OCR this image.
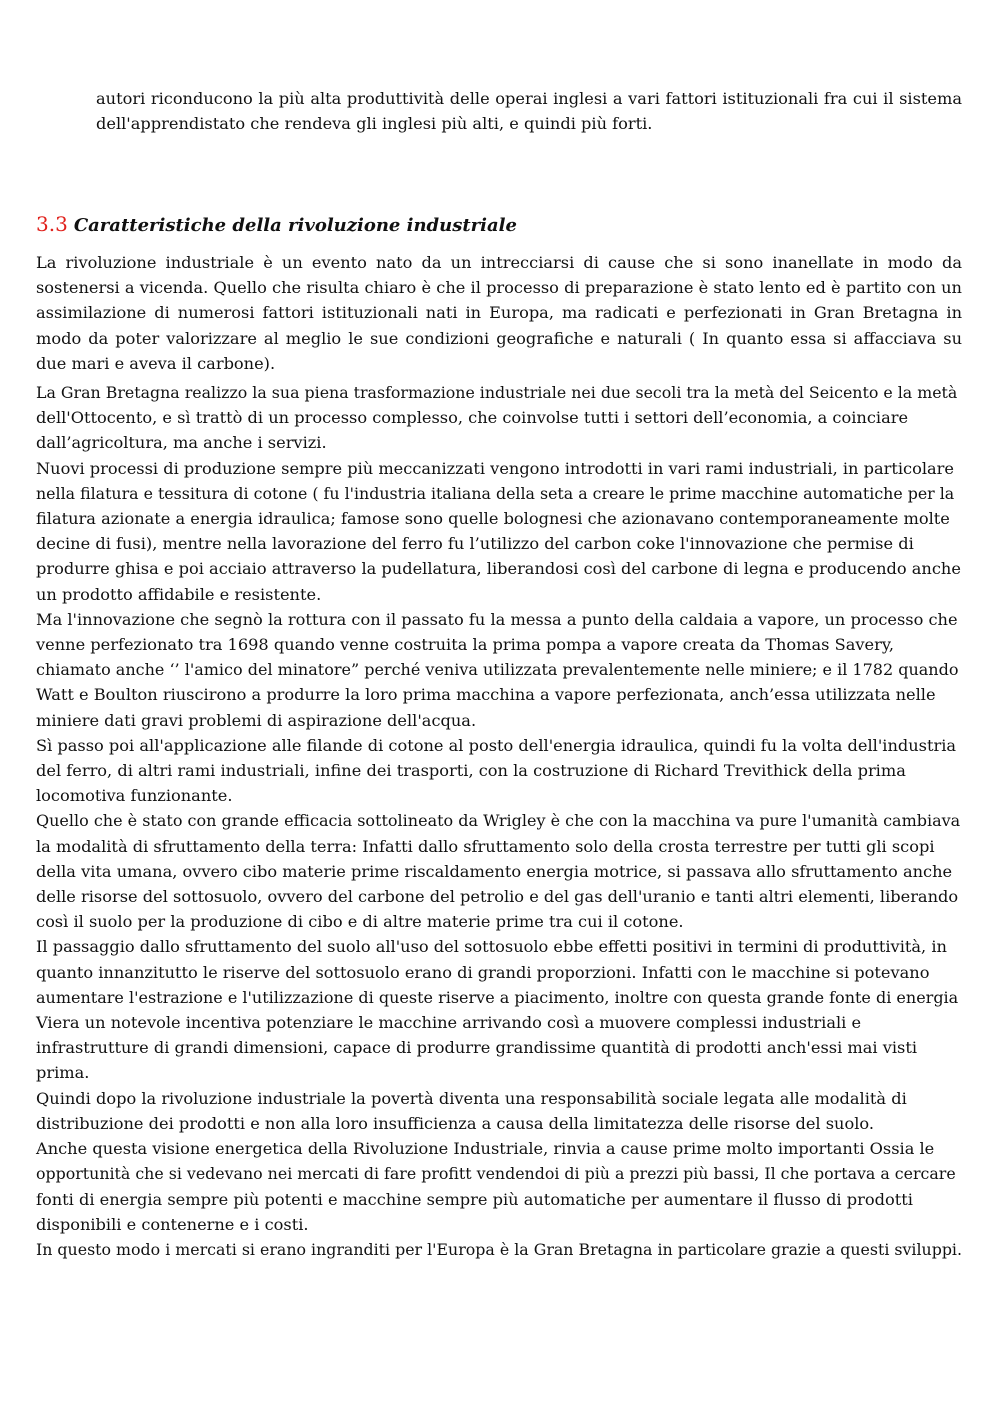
autori riconducono la più alta produttività delle operai inglesi a vari fattori istituzionali fra cui il sistema dell'apprendistato che rendeva gli inglesi più alti, e quindi più forti.

3.3 Caratteristiche della rivoluzione industriale

La rivoluzione industriale è un evento nato da un intrecciarsi di cause che si sono inanellate in modo da sostenersi a vicenda. Quello che risulta chiaro è che il processo di preparazione è stato lento ed è partito con un assimilazione di numerosi fattori istituzionali nati in Europa, ma radicati e perfezionati in Gran Bretagna in modo da poter valorizzare al meglio le sue condizioni geografiche e naturali ( In quanto essa si affacciava su due mari e aveva il carbone).

La Gran Bretagna realizzo la sua piena trasformazione industriale nei due secoli tra la metà del Seicento e la metà
dell'Ottocento, e sì trattò di un processo complesso, che coinvolse tutti i settori dell’economia, a coinciare
dall’agricoltura, ma anche i servizi.
Nuovi processi di produzione sempre più meccanizzati vengono introdotti in vari rami industriali, in particolare
nella filatura e tessitura di cotone ( fu l'industria italiana della seta a creare le prime macchine automatiche per la
filatura azionate a energia idraulica; famose sono quelle bolognesi che azionavano contemporaneamente molte
decine di fusi), mentre nella lavorazione del ferro fu l’utilizzo del carbon coke l'innovazione che permise di
produrre ghisa e poi acciaio attraverso la pudellatura, liberandosi così del carbone di legna e producendo anche
un prodotto affidabile e resistente.
Ma l'innovazione che segnò la rottura con il passato fu la messa a punto della caldaia a vapore, un processo che
venne perfezionato tra 1698 quando venne costruita la prima pompa a vapore creata da Thomas Savery,
chiamato anche ‘’ l'amico del minatore” perché veniva utilizzata prevalentemente nelle miniere; e il 1782 quando
Watt e Boulton riuscirono a produrre la loro prima macchina a vapore perfezionata, anch’essa utilizzata nelle
miniere dati gravi problemi di aspirazione dell'acqua.
Sì passo poi all'applicazione alle filande di cotone al posto dell'energia idraulica, quindi fu la volta dell'industria
del ferro, di altri rami industriali, infine dei trasporti, con la costruzione di Richard Trevithick della prima
locomotiva funzionante.
Quello che è stato con grande efficacia sottolineato da Wrigley è che con la macchina va pure l'umanità cambiava
la modalità di sfruttamento della terra: Infatti dallo sfruttamento solo della crosta terrestre per tutti gli scopi
della vita umana, ovvero cibo materie prime riscaldamento energia motrice, si passava allo sfruttamento anche
delle risorse del sottosuolo, ovvero del carbone del petrolio e del gas dell'uranio e tanti altri elementi, liberando
così il suolo per la produzione di cibo e di altre materie prime tra cui il cotone.
Il passaggio dallo sfruttamento del suolo all'uso del sottosuolo ebbe effetti positivi in termini di produttività, in
quanto innanzitutto le riserve del sottosuolo erano di grandi proporzioni. Infatti con le macchine si potevano
aumentare l'estrazione e l'utilizzazione di queste riserve a piacimento, inoltre con questa grande fonte di energia
Viera un notevole incentiva potenziare le macchine arrivando così a muovere complessi industriali e
infrastrutture di grandi dimensioni, capace di produrre grandissime quantità di prodotti anch'essi mai visti
prima.
Quindi dopo la rivoluzione industriale la povertà diventa una responsabilità sociale legata alle modalità di
distribuzione dei prodotti e non alla loro insufficienza a causa della limitatezza delle risorse del suolo.
Anche questa visione energetica della Rivoluzione Industriale, rinvia a cause prime molto importanti Ossia le
opportunità che si vedevano nei mercati di fare profitt vendendoi di più a prezzi più bassi, Il che portava a cercare
fonti di energia sempre più potenti e macchine sempre più automatiche per aumentare il flusso di prodotti
disponibili e contenerne e i costi.
In questo modo i mercati si erano ingranditi per l'Europa è la Gran Bretagna in particolare grazie a questi sviluppi.
